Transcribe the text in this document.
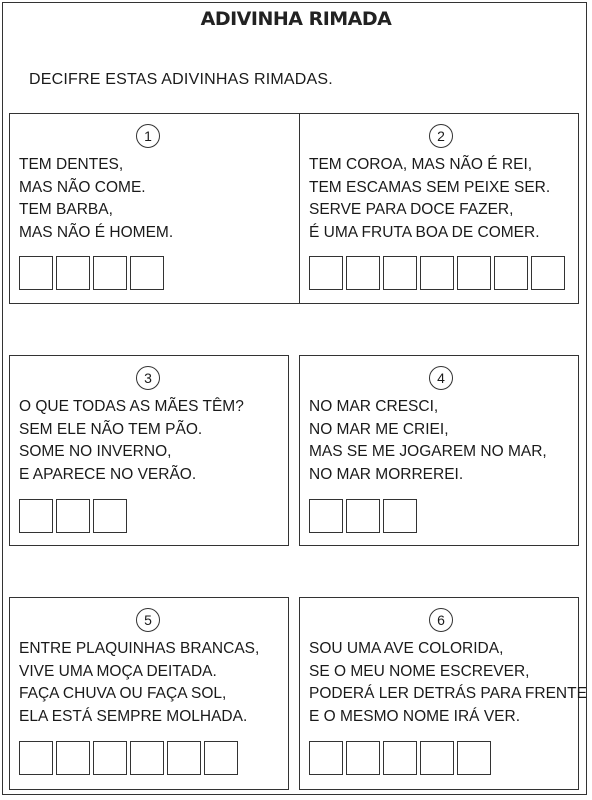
ADIVINHA RIMADA
DECIFRE ESTAS ADIVINHAS RIMADAS.
1
TEM DENTES,
MAS NÃO COME.
TEM BARBA,
MAS NÃO É HOMEM.
2
TEM COROA, MAS NÃO É REI,
TEM ESCAMAS SEM PEIXE SER.
SERVE PARA DOCE FAZER,
É UMA FRUTA BOA DE COMER.
3
O QUE TODAS AS MÃES TÊM?
SEM ELE NÃO TEM PÃO.
SOME NO INVERNO,
E APARECE NO VERÃO.
4
NO MAR CRESCI,
NO MAR ME CRIEI,
MAS SE ME JOGAREM NO MAR,
NO MAR MORREREI.
5
ENTRE PLAQUINHAS BRANCAS,
VIVE UMA MOÇA DEITADA.
FAÇA CHUVA OU FAÇA SOL,
ELA ESTÁ SEMPRE MOLHADA.
6
SOU UMA AVE COLORIDA,
SE O MEU NOME ESCREVER,
PODERÁ LER DETRÁS PARA FRENTE
E O MESMO NOME IRÁ VER.
